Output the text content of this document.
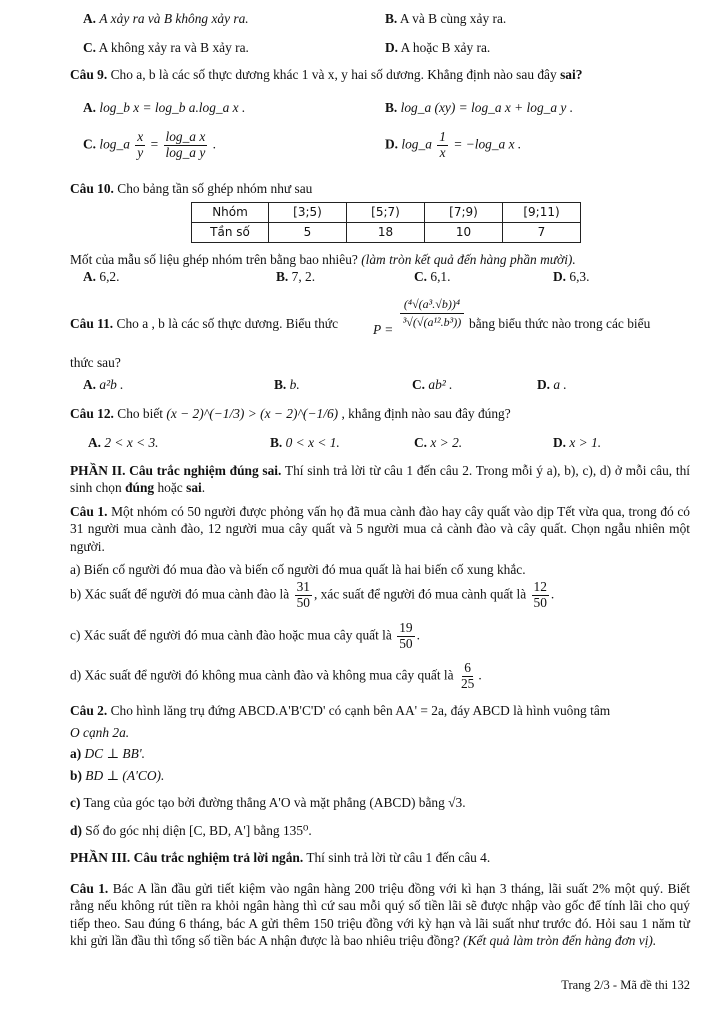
A. A xảy ra và B không xảy ra.	B. A và B cùng xảy ra.
C. A không xảy ra và B xảy ra.	D. A hoặc B xảy ra.
Câu 9. Cho a, b là các số thực dương khác 1 và x, y hai số dương. Khẳng định nào sau đây sai?
A. log_b x = log_b a.log_a x .	B. log_a (xy) = log_a x + log_a y .
C. log_a $\frac{x}{y} = \frac{\text{log\_a x}}{\text{log\_a y}}$ .	D. log_a $\frac{1}{x}$ = −log_a x .
Câu 10. Cho bảng tần số ghép nhóm như sau
Nhóm	[3;5)	[5;7)	[7;9)	[9;11)
Tần số	5	18	10	7
Mốt của mẫu số liệu ghép nhóm trên bằng bao nhiêu? (làm tròn kết quả đến hàng phần mười).
A. 6,2.	B. 7, 2.	C. 6,1.	D. 6,3.
Câu 11. Cho a , b là các số thực dương. Biểu thức	$P = \frac{\text{(⁴√(a³.√b))⁴}}{\text{³√(√(a¹².b³))}}$ bằng biểu thức nào trong các biểu
thức sau?
A. a²b .	B. b.	C. ab² .	D. a .
Câu 12. Cho biết (x − 2)^(−1/3) > (x − 2)^(−1/6) , khẳng định nào sau đây đúng?
A. 2 < x < 3.	B. 0 < x < 1.	C. x > 2.	D. x > 1.
PHẦN II. Câu trắc nghiệm đúng sai. Thí sinh trả lời từ câu 1 đến câu 2. Trong mỗi ý a), b), c), d) ở mỗi câu, thí sinh chọn đúng hoặc sai.
Câu 1. Một nhóm có 50 người được phỏng vấn họ đã mua cành đào hay cây quất vào dịp Tết vừa qua, trong đó có 31 người mua cành đào, 12 người mua cây quất và 5 người mua cả cành đào và cây quất. Chọn ngẫu nhiên một người.
a) Biến cố người đó mua đào và biến cố người đó mua quất là hai biến cố xung khắc.
b) Xác suất để người đó mua cành đào là $\frac{31}{50}$ , xác suất để người đó mua cành quất là $\frac{12}{50}$ .
c) Xác suất để người đó mua cành đào hoặc mua cây quất là $\frac{19}{50}$ .
d) Xác suất để người đó không mua cành đào và không mua cây quất là $\frac{6}{25}$ .
Câu 2. Cho hình lăng trụ đứng ABCD.A'B'C'D' có cạnh bên AA' = 2a, đáy ABCD là hình vuông tâm
O cạnh 2a.
a) DC ⊥ BB'.
b) BD ⊥ (A'CO).
c) Tang của góc tạo bởi đường thẳng A'O và mặt phẳng (ABCD) bằng √3.
d) Số đo góc nhị diện [C, BD, A'] bằng 135⁰.
PHẦN III. Câu trắc nghiệm trả lời ngắn. Thí sinh trả lời từ câu 1 đến câu 4.
Câu 1. Bác A lần đầu gửi tiết kiệm vào ngân hàng 200 triệu đồng với kì hạn 3 tháng, lãi suất 2% một quý. Biết rằng nếu không rút tiền ra khỏi ngân hàng thì cứ sau mỗi quý số tiền lãi sẽ được nhập vào gốc để tính lãi cho quý tiếp theo. Sau đúng 6 tháng, bác A gửi thêm 150 triệu đồng với kỳ hạn và lãi suất như trước đó. Hỏi sau 1 năm từ khi gửi lần đầu thì tổng số tiền bác A nhận được là bao nhiêu triệu đồng? (Kết quả làm tròn đến hàng đơn vị).
Trang 2/3 - Mã đề thi 132
